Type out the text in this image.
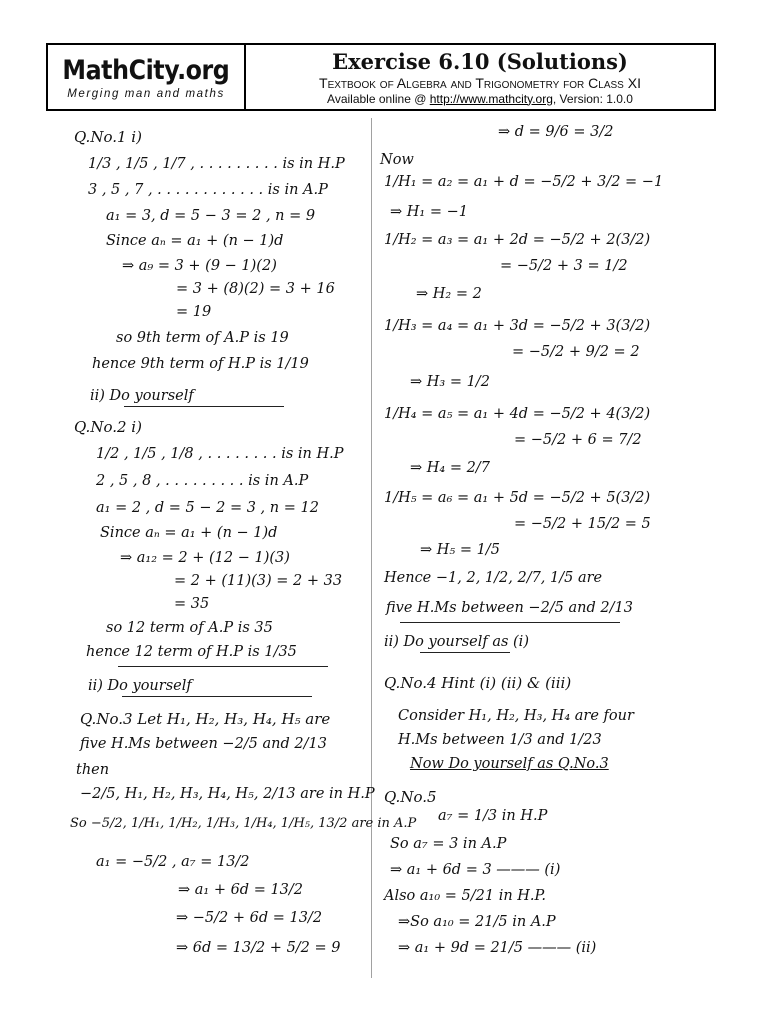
MathCity.org
Merging man and maths
Exercise 6.10 (Solutions)
Textbook of Algebra and Trigonometry for Class XI
Available online @ http://www.mathcity.org, Version: 1.0.0
Q.No.1 i)
1/3 , 1/5 , 1/7 , . . . . . . . . . is in H.P
3 , 5 , 7 , . . . . . . . . . . . . is in A.P
a₁ = 3, d = 5 − 3 = 2 , n = 9
Since aₙ = a₁ + (n − 1)d
⇒ a₉ = 3 + (9 − 1)(2)
= 3 + (8)(2) = 3 + 16
= 19
so 9th term of A.P is 19
hence 9th term of H.P is 1/19
ii) Do yourself
Q.No.2 i)
1/2 , 1/5 , 1/8 , . . . . . . . . is in H.P
2 , 5 , 8 , . . . . . . . . . is in A.P
a₁ = 2 , d = 5 − 2 = 3 , n = 12
Since aₙ = a₁ + (n − 1)d
⇒ a₁₂ = 2 + (12 − 1)(3)
= 2 + (11)(3) = 2 + 33
= 35
so 12 term of A.P is 35
hence 12 term of H.P is 1/35
ii) Do yourself
Q.No.3 Let H₁, H₂, H₃, H₄, H₅ are
five H.Ms between −2/5 and 2/13
then
−2/5, H₁, H₂, H₃, H₄, H₅, 2/13 are in H.P
So −5/2, 1/H₁, 1/H₂, 1/H₃, 1/H₄, 1/H₅, 13/2 are in A.P
a₁ = −5/2 , a₇ = 13/2
⇒ a₁ + 6d = 13/2
⇒ −5/2 + 6d = 13/2
⇒ 6d = 13/2 + 5/2 = 9
⇒ d = 9/6 = 3/2
Now
1/H₁ = a₂ = a₁ + d = −5/2 + 3/2 = −1
⇒ H₁ = −1
1/H₂ = a₃ = a₁ + 2d = −5/2 + 2(3/2)
= −5/2 + 3 = 1/2
⇒ H₂ = 2
1/H₃ = a₄ = a₁ + 3d = −5/2 + 3(3/2)
= −5/2 + 9/2 = 2
⇒ H₃ = 1/2
1/H₄ = a₅ = a₁ + 4d = −5/2 + 4(3/2)
= −5/2 + 6 = 7/2
⇒ H₄ = 2/7
1/H₅ = a₆ = a₁ + 5d = −5/2 + 5(3/2)
= −5/2 + 15/2 = 5
⇒ H₅ = 1/5
Hence −1, 2, 1/2, 2/7, 1/5 are
five H.Ms between −2/5 and 2/13
ii) Do yourself as (i)
Q.No.4 Hint (i) (ii) & (iii)
Consider H₁, H₂, H₃, H₄ are four
H.Ms between 1/3 and 1/23
Now Do yourself as Q.No.3
Q.No.5
a₇ = 1/3 in H.P
So a₇ = 3 in A.P
⇒ a₁ + 6d = 3 ——— (i)
Also a₁₀ = 5/21 in H.P.
⇒So a₁₀ = 21/5 in A.P
⇒ a₁ + 9d = 21/5 ——— (ii)
